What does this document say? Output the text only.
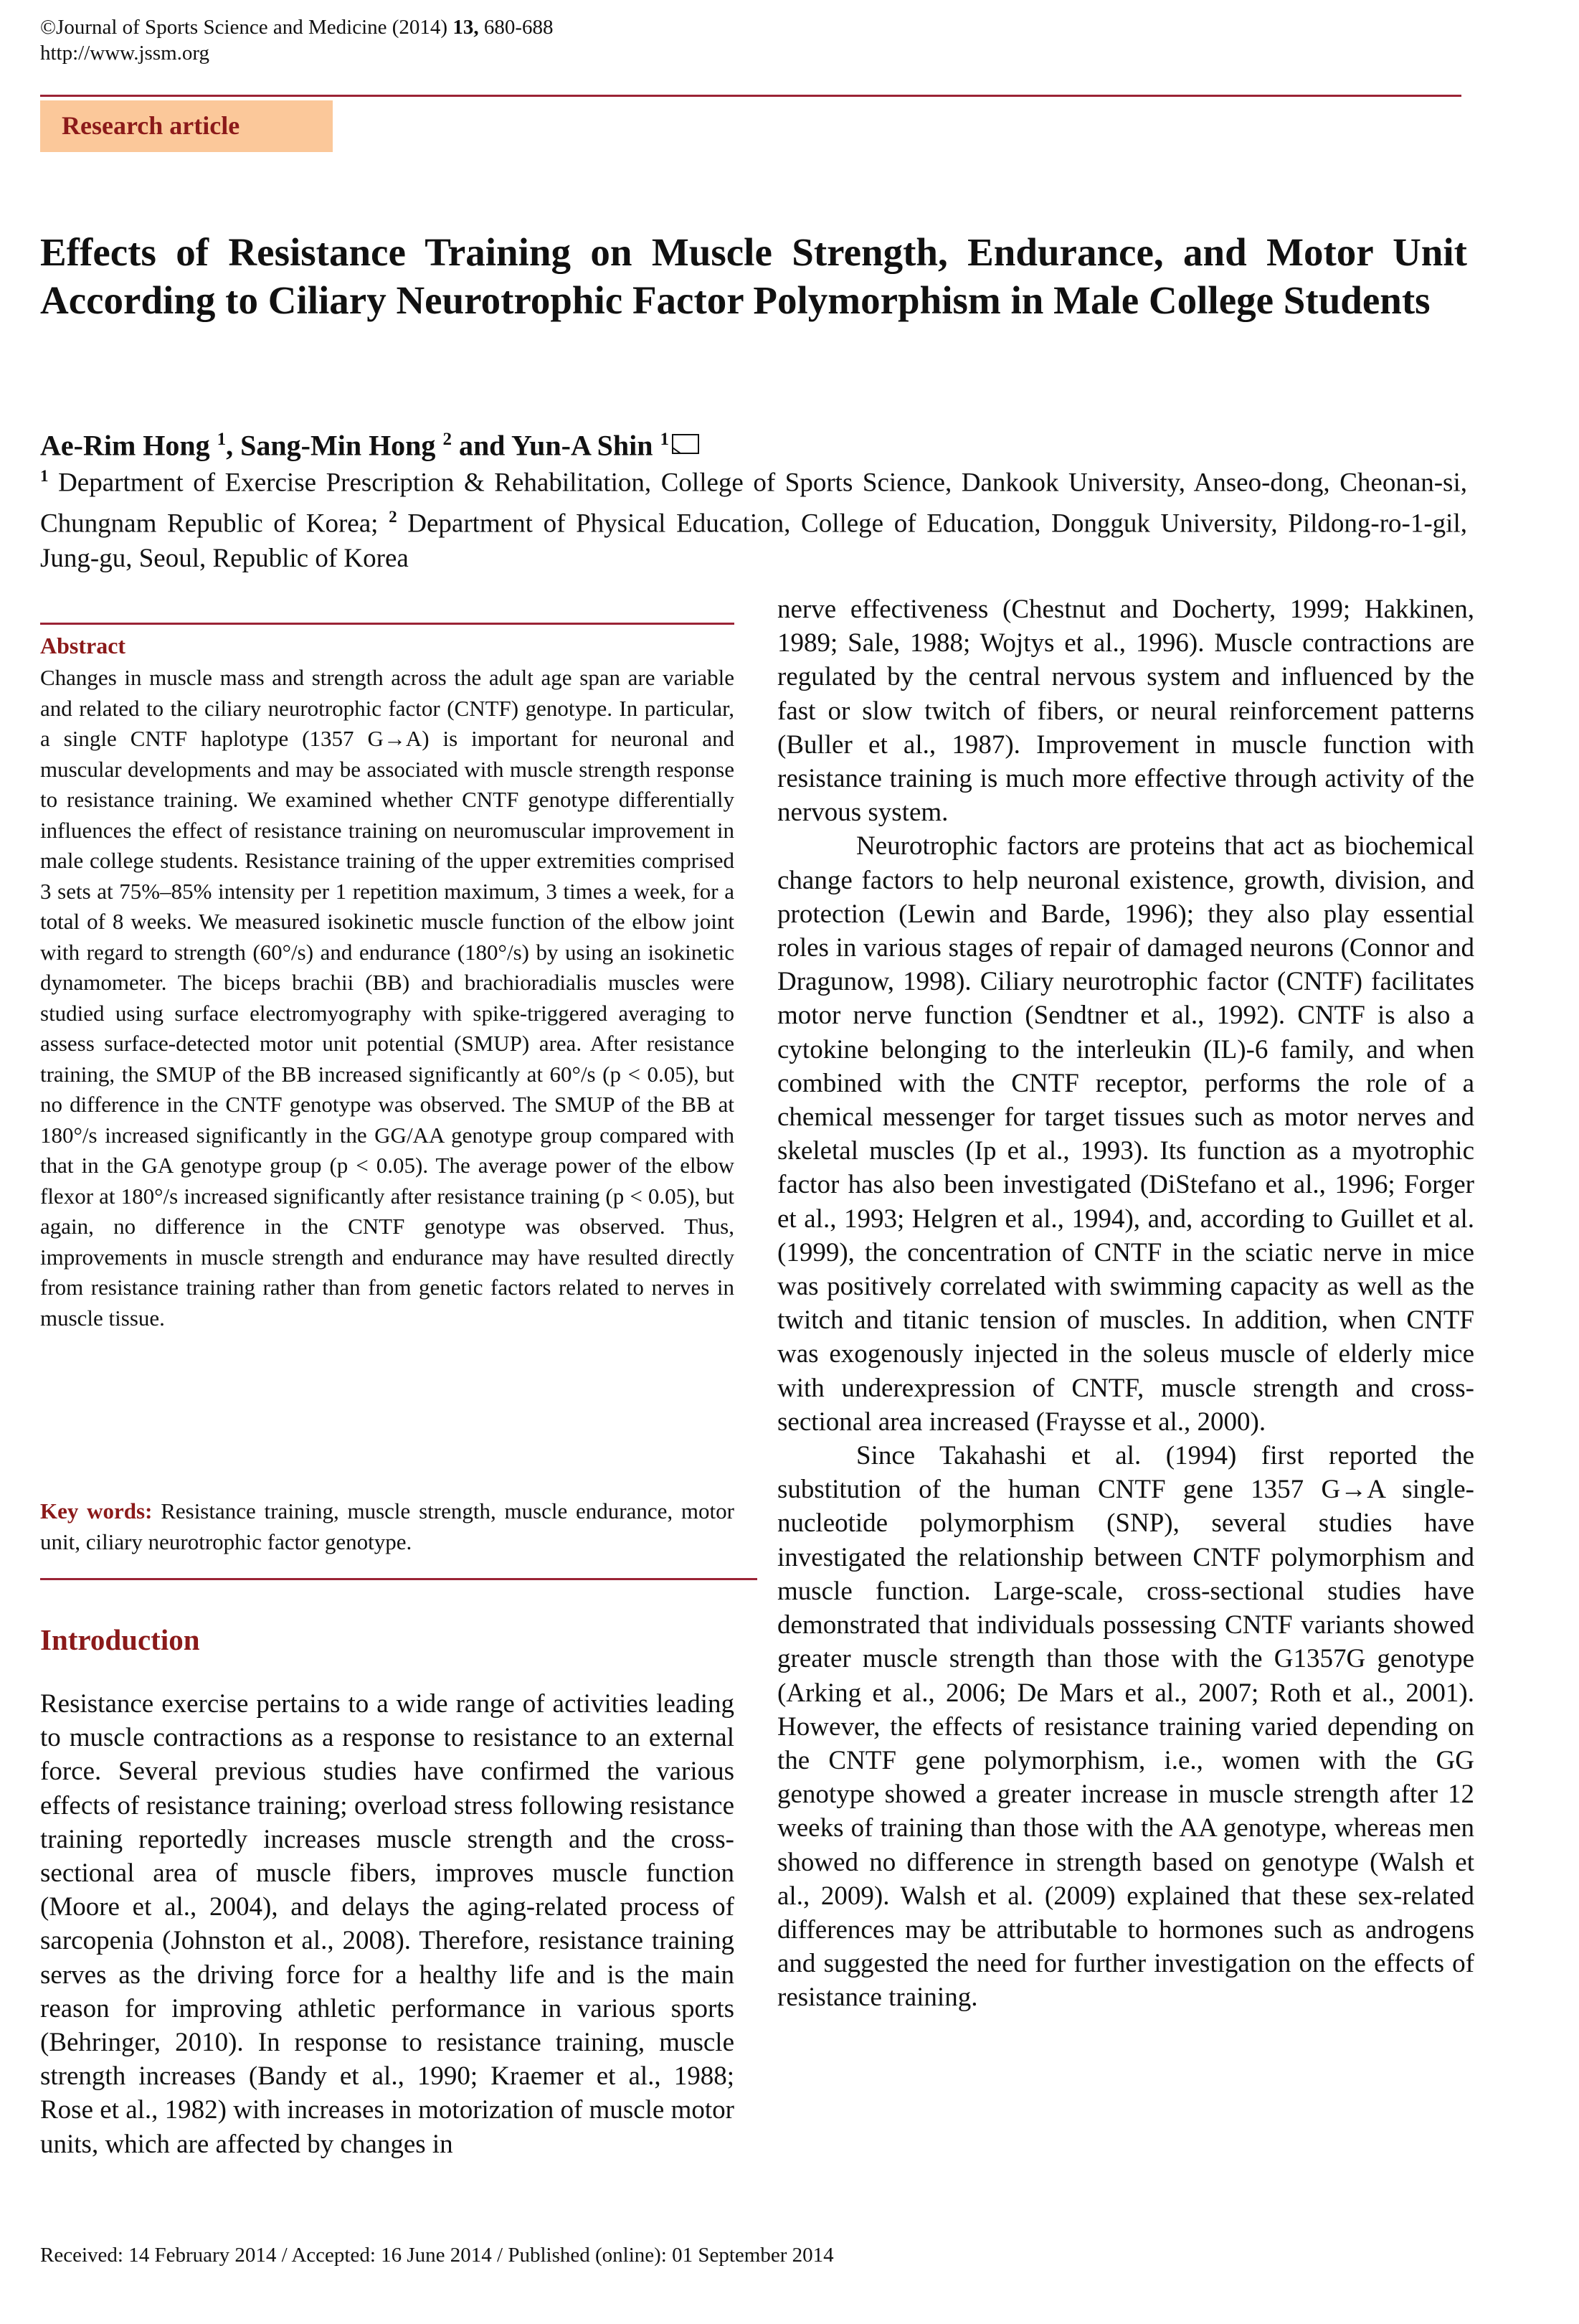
©Journal of Sports Science and Medicine (2014) 13, 680-688
http://www.jssm.org
Research article
Effects of Resistance Training on Muscle Strength, Endurance, and Motor Unit According to Ciliary Neurotrophic Factor Polymorphism in Male College Students
Ae-Rim Hong $^1$, Sang-Min Hong $^2$ and Yun-A Shin $^1$
$^1$ Department of Exercise Prescription & Rehabilitation, College of Sports Science, Dankook University, Anseo-dong, Cheonan-si, Chungnam Republic of Korea; $^2$ Department of Physical Education, College of Education, Dongguk University, Pildong-ro-1-gil, Jung-gu, Seoul, Republic of Korea
Abstract
Changes in muscle mass and strength across the adult age span are variable and related to the ciliary neurotrophic factor (CNTF) genotype. In particular, a single CNTF haplotype (1357 G→A) is important for neuronal and muscular developments and may be associated with muscle strength response to resistance training. We examined whether CNTF genotype differentially influences the effect of resistance training on neuromuscular improvement in male college students. Resistance training of the upper extremities comprised 3 sets at 75%–85% intensity per 1 repetition maximum, 3 times a week, for a total of 8 weeks. We measured isokinetic muscle function of the elbow joint with regard to strength (60°/s) and endurance (180°/s) by using an isokinetic dynamometer. The biceps brachii (BB) and brachioradialis muscles were studied using surface electromyography with spike-triggered averaging to assess surface-detected motor unit potential (SMUP) area. After resistance training, the SMUP of the BB increased significantly at 60°/s (p < 0.05), but no difference in the CNTF genotype was observed. The SMUP of the BB at 180°/s increased significantly in the GG/AA genotype group compared with that in the GA genotype group (p < 0.05). The average power of the elbow flexor at 180°/s increased significantly after resistance training (p < 0.05), but again, no difference in the CNTF genotype was observed. Thus, improvements in muscle strength and endurance may have resulted directly from resistance training rather than from genetic factors related to nerves in muscle tissue.
Key words: Resistance training, muscle strength, muscle endurance, motor unit, ciliary neurotrophic factor genotype.
Introduction
Resistance exercise pertains to a wide range of activities leading to muscle contractions as a response to resistance to an external force. Several previous studies have confirmed the various effects of resistance training; overload stress following resistance training reportedly increases muscle strength and the cross-sectional area of muscle fibers, improves muscle function (Moore et al., 2004), and delays the aging-related process of sarcopenia (Johnston et al., 2008). Therefore, resistance training serves as the driving force for a healthy life and is the main reason for improving athletic performance in various sports (Behringer, 2010). In response to resistance training, muscle strength increases (Bandy et al., 1990; Kraemer et al., 1988; Rose et al., 1982) with increases in motorization of muscle motor units, which are affected by changes in

nerve effectiveness (Chestnut and Docherty, 1999; Hakkinen, 1989; Sale, 1988; Wojtys et al., 1996). Muscle contractions are regulated by the central nervous system and influenced by the fast or slow twitch of fibers, or neural reinforcement patterns (Buller et al., 1987). Improvement in muscle function with resistance training is much more effective through activity of the nervous system.

Neurotrophic factors are proteins that act as biochemical change factors to help neuronal existence, growth, division, and protection (Lewin and Barde, 1996); they also play essential roles in various stages of repair of damaged neurons (Connor and Dragunow, 1998). Ciliary neurotrophic factor (CNTF) facilitates motor nerve function (Sendtner et al., 1992). CNTF is also a cytokine belonging to the interleukin (IL)-6 family, and when combined with the CNTF receptor, performs the role of a chemical messenger for target tissues such as motor nerves and skeletal muscles (Ip et al., 1993). Its function as a myotrophic factor has also been investigated (DiStefano et al., 1996; Forger et al., 1993; Helgren et al., 1994), and, according to Guillet et al. (1999), the concentration of CNTF in the sciatic nerve in mice was positively correlated with swimming capacity as well as the twitch and titanic tension of muscles. In addition, when CNTF was exogenously injected in the soleus muscle of elderly mice with underexpression of CNTF, muscle strength and cross-sectional area increased (Fraysse et al., 2000).

Since Takahashi et al. (1994) first reported the substitution of the human CNTF gene 1357 G→A single-nucleotide polymorphism (SNP), several studies have investigated the relationship between CNTF polymorphism and muscle function. Large-scale, cross-sectional studies have demonstrated that individuals possessing CNTF variants showed greater muscle strength than those with the G1357G genotype (Arking et al., 2006; De Mars et al., 2007; Roth et al., 2001). However, the effects of resistance training varied depending on the CNTF gene polymorphism, i.e., women with the GG genotype showed a greater increase in muscle strength after 12 weeks of training than those with the AA genotype, whereas men showed no difference in strength based on genotype (Walsh et al., 2009). Walsh et al. (2009) explained that these sex-related differences may be attributable to hormones such as androgens and suggested the need for further investigation on the effects of resistance training.

Received: 14 February 2014 / Accepted: 16 June 2014 / Published (online): 01 September 2014
